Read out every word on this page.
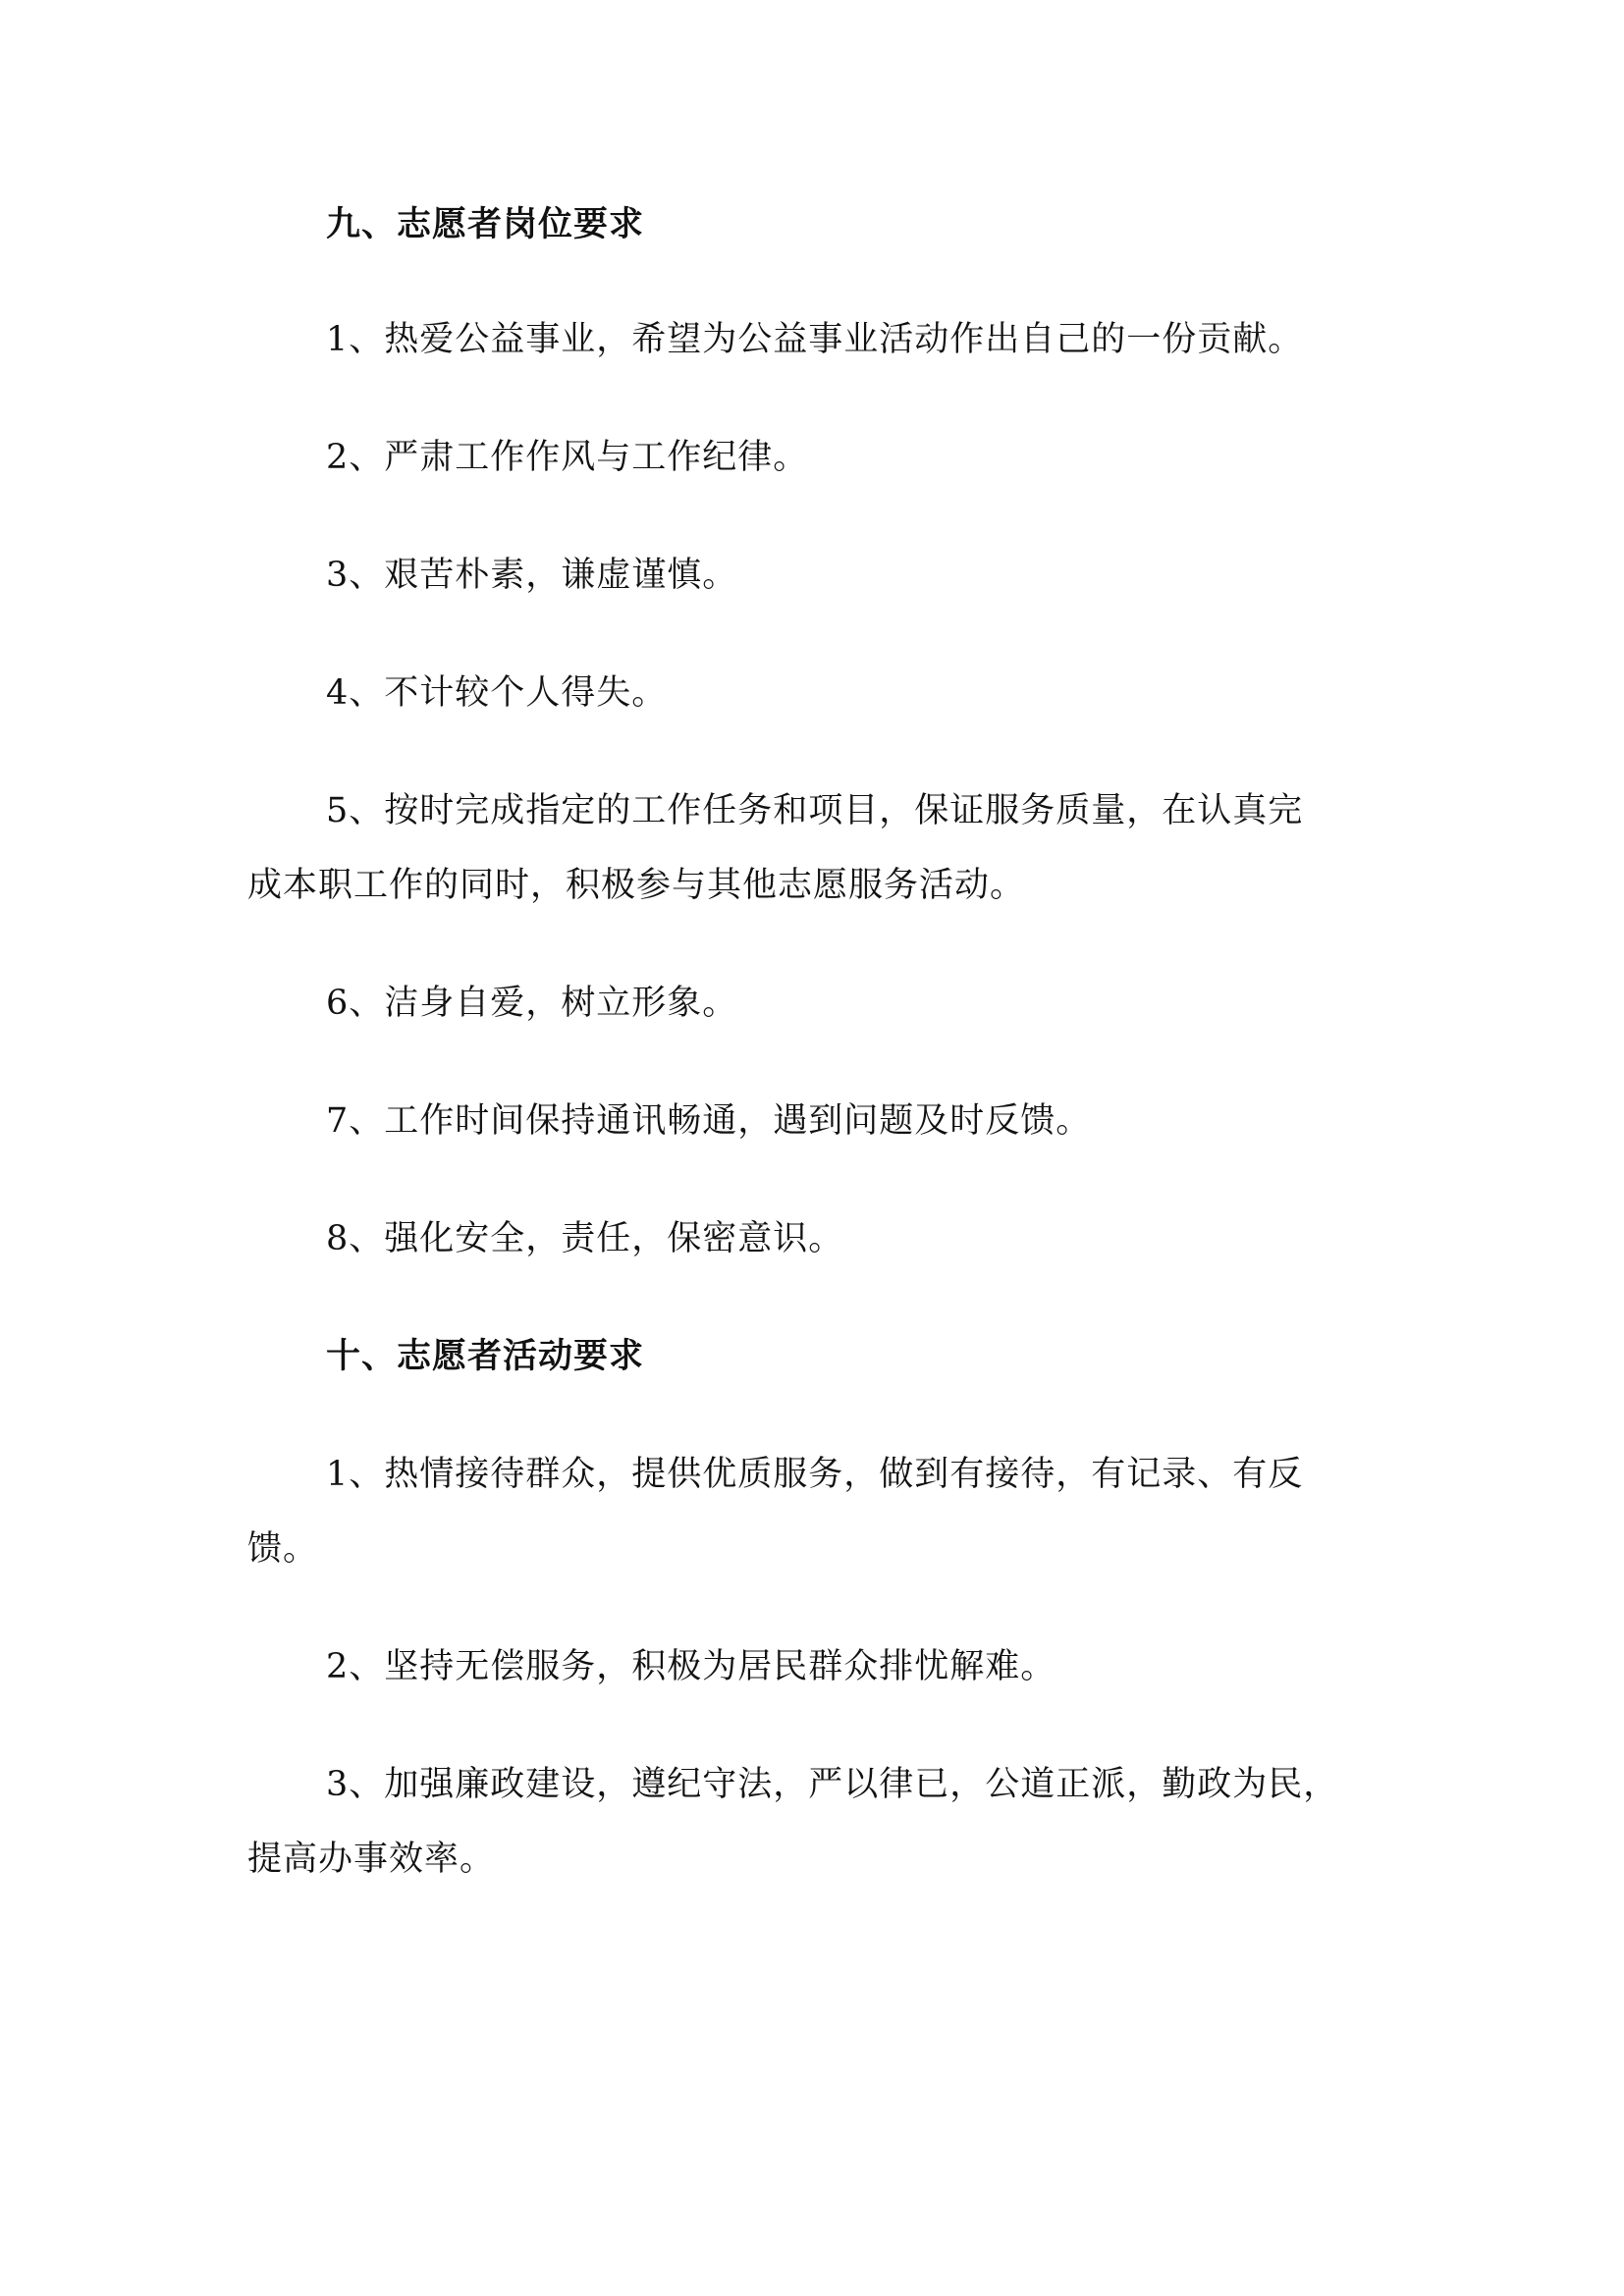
九、志愿者岗位要求
1、热爱公益事业，希望为公益事业活动作出自己的一份贡献。
2、严肃工作作风与工作纪律。
3、艰苦朴素，谦虚谨慎。
4、不计较个人得失。
5、按时完成指定的工作任务和项目，保证服务质量，在认真完
成本职工作的同时，积极参与其他志愿服务活动。
6、洁身自爱，树立形象。
7、工作时间保持通讯畅通，遇到问题及时反馈。
8、强化安全，责任，保密意识。
十、志愿者活动要求
1、热情接待群众，提供优质服务，做到有接待，有记录、有反
馈。
2、坚持无偿服务，积极为居民群众排忧解难。
3、加强廉政建设，遵纪守法，严以律已，公道正派，勤政为民，
提高办事效率。
